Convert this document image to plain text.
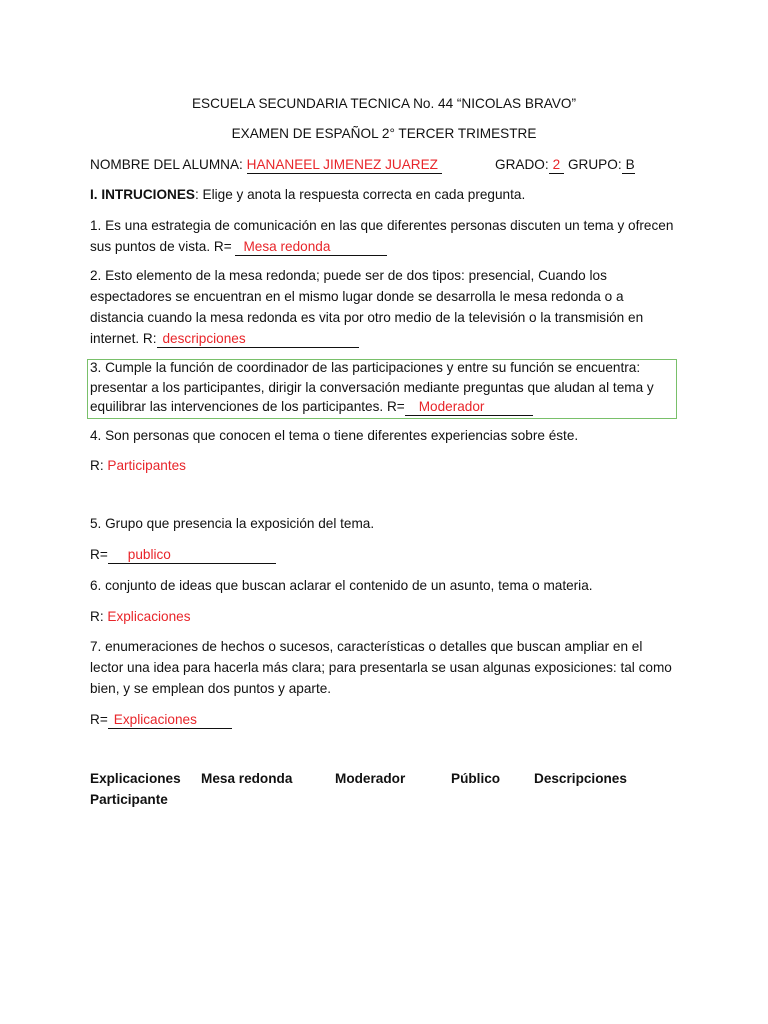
ESCUELA SECUNDARIA TECNICA No. 44 “NICOLAS BRAVO”
EXAMEN DE ESPAÑOL 2° TERCER TRIMESTRE
NOMBRE DEL ALUMNA: HANANEEL JIMENEZ JUAREZ	GRADO: 2 GRUPO: B
I. INTRUCIONES: Elige y anota la respuesta correcta en cada pregunta.
1. Es una estrategia de comunicación en las que diferentes personas discuten un tema y ofrecen
sus puntos de vista. R= Mesa redonda
2. Esto elemento de la mesa redonda; puede ser de dos tipos: presencial, Cuando los
espectadores se encuentran en el mismo lugar donde se desarrolla le mesa redonda o a
distancia cuando la mesa redonda es vita por otro medio de la televisión o la transmisión en
internet. R: descripciones
3. Cumple la función de coordinador de las participaciones y entre su función se encuentra:
presentar a los participantes, dirigir la conversación mediante preguntas que aludan al tema y
equilibrar las intervenciones de los participantes. R= Moderador
4. Son personas que conocen el tema o tiene diferentes experiencias sobre éste.
R: Participantes
5. Grupo que presencia la exposición del tema.
R= publico
6. conjunto de ideas que buscan aclarar el contenido de un asunto, tema o materia.
R: Explicaciones
7. enumeraciones de hechos o sucesos, características o detalles que buscan ampliar en el
lector una idea para hacerla más clara; para presentarla se usan algunas exposiciones: tal como
bien, y se emplean dos puntos y aparte.
R= Explicaciones
Explicaciones Mesa redonda	Moderador	Público Descripciones
Participante
